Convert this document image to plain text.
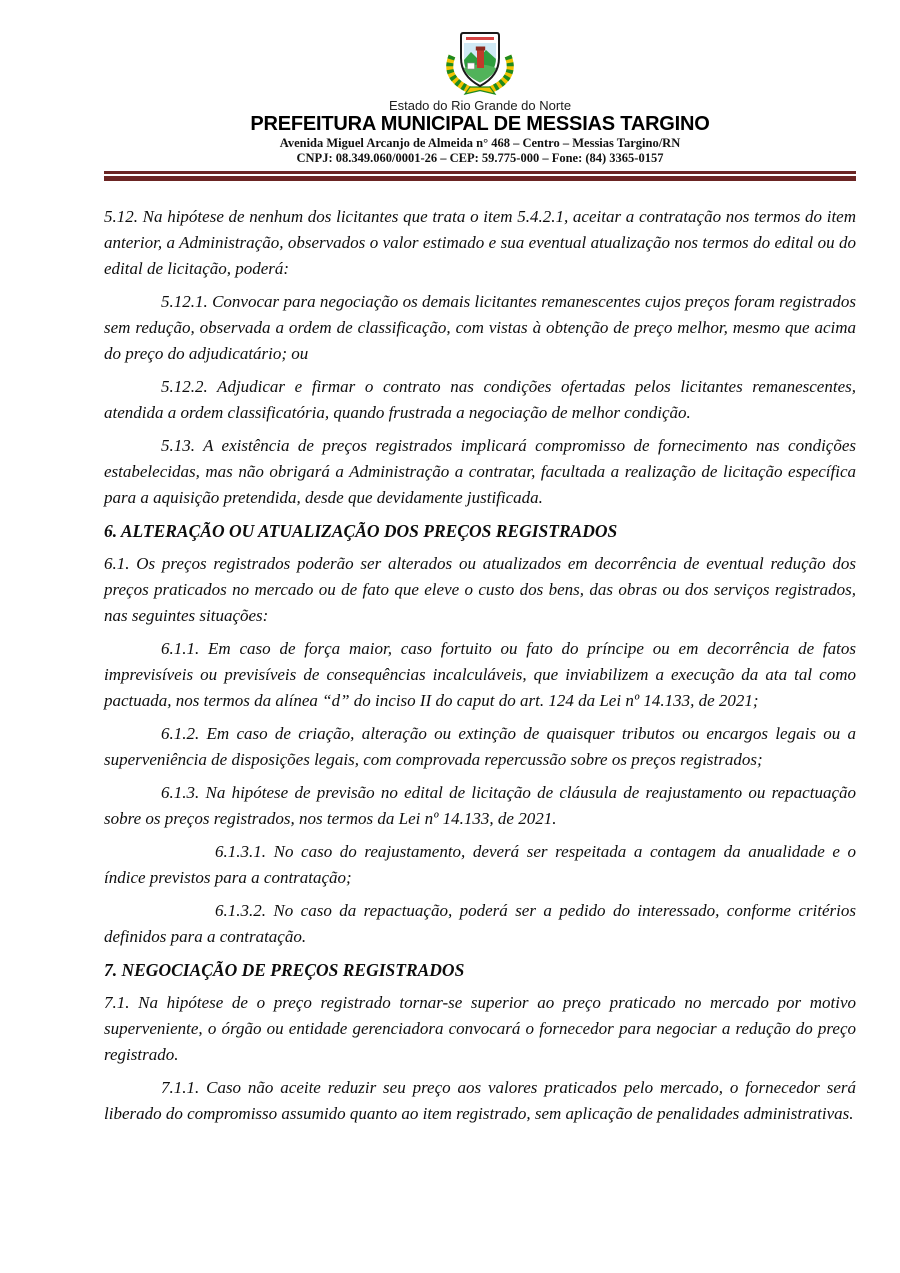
Estado do Rio Grande do Norte
PREFEITURA MUNICIPAL DE MESSIAS TARGINO
Avenida Miguel Arcanjo de Almeida n° 468 – Centro – Messias Targino/RN
CNPJ: 08.349.060/0001-26 – CEP: 59.775-000 – Fone: (84) 3365-0157

5.12. Na hipótese de nenhum dos licitantes que trata o item 5.4.2.1, aceitar a contratação nos termos do item anterior, a Administração, observados o valor estimado e sua eventual atualização nos termos do edital ou do edital de licitação, poderá:

5.12.1. Convocar para negociação os demais licitantes remanescentes cujos preços foram registrados sem redução, observada a ordem de classificação, com vistas à obtenção de preço melhor, mesmo que acima do preço do adjudicatário; ou

5.12.2. Adjudicar e firmar o contrato nas condições ofertadas pelos licitantes remanescentes, atendida a ordem classificatória, quando frustrada a negociação de melhor condição.

5.13. A existência de preços registrados implicará compromisso de fornecimento nas condições estabelecidas, mas não obrigará a Administração a contratar, facultada a realização de licitação específica para a aquisição pretendida, desde que devidamente justificada.

6. ALTERAÇÃO OU ATUALIZAÇÃO DOS PREÇOS REGISTRADOS

6.1. Os preços registrados poderão ser alterados ou atualizados em decorrência de eventual redução dos preços praticados no mercado ou de fato que eleve o custo dos bens, das obras ou dos serviços registrados, nas seguintes situações:

6.1.1. Em caso de força maior, caso fortuito ou fato do príncipe ou em decorrência de fatos imprevisíveis ou previsíveis de consequências incalculáveis, que inviabilizem a execução da ata tal como pactuada, nos termos da alínea “d” do inciso II do caput do art. 124 da Lei nº 14.133, de 2021;

6.1.2. Em caso de criação, alteração ou extinção de quaisquer tributos ou encargos legais ou a superveniência de disposições legais, com comprovada repercussão sobre os preços registrados;

6.1.3. Na hipótese de previsão no edital de licitação de cláusula de reajustamento ou repactuação sobre os preços registrados, nos termos da Lei nº 14.133, de 2021.

6.1.3.1. No caso do reajustamento, deverá ser respeitada a contagem da anualidade e o índice previstos para a contratação;

6.1.3.2. No caso da repactuação, poderá ser a pedido do interessado, conforme critérios definidos para a contratação.

7. NEGOCIAÇÃO DE PREÇOS REGISTRADOS

7.1. Na hipótese de o preço registrado tornar-se superior ao preço praticado no mercado por motivo superveniente, o órgão ou entidade gerenciadora convocará o fornecedor para negociar a redução do preço registrado.

7.1.1. Caso não aceite reduzir seu preço aos valores praticados pelo mercado, o fornecedor será liberado do compromisso assumido quanto ao item registrado, sem aplicação de penalidades administrativas.
